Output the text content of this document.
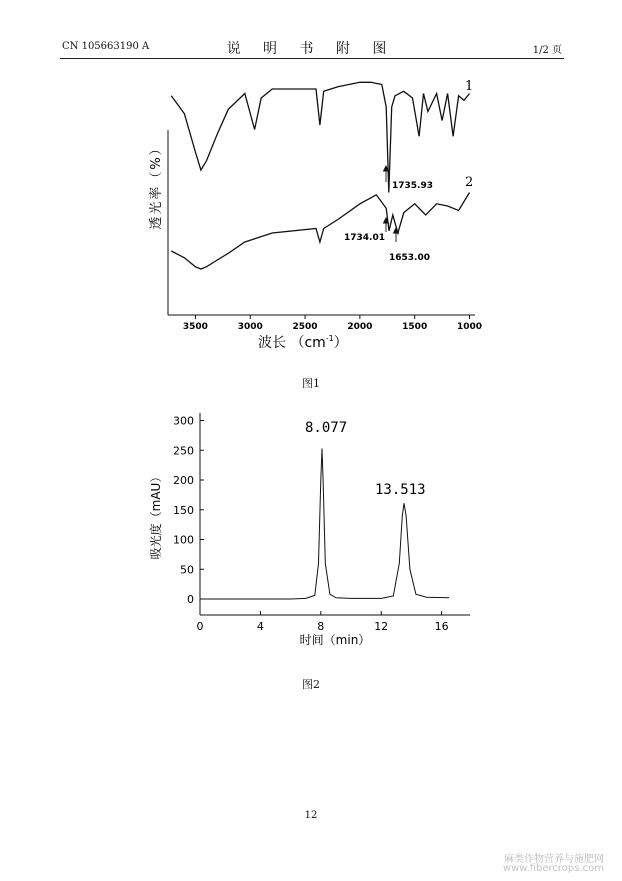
CN 105663190 A	说 明 书 附 图	1/2 页
3500	3000	2500	2000	1500	1000
1
2
1735.93
1734.01
1653.00
透光率（%）
波长 $(cm^{-1})$
0	4	8	12	16
0
50
100
150
200
250
300	8.077
13.513
吸光度（mAU）
时间（min）
图1
图2
12
麻类作物营养与施肥网
www.fibercrops.com
